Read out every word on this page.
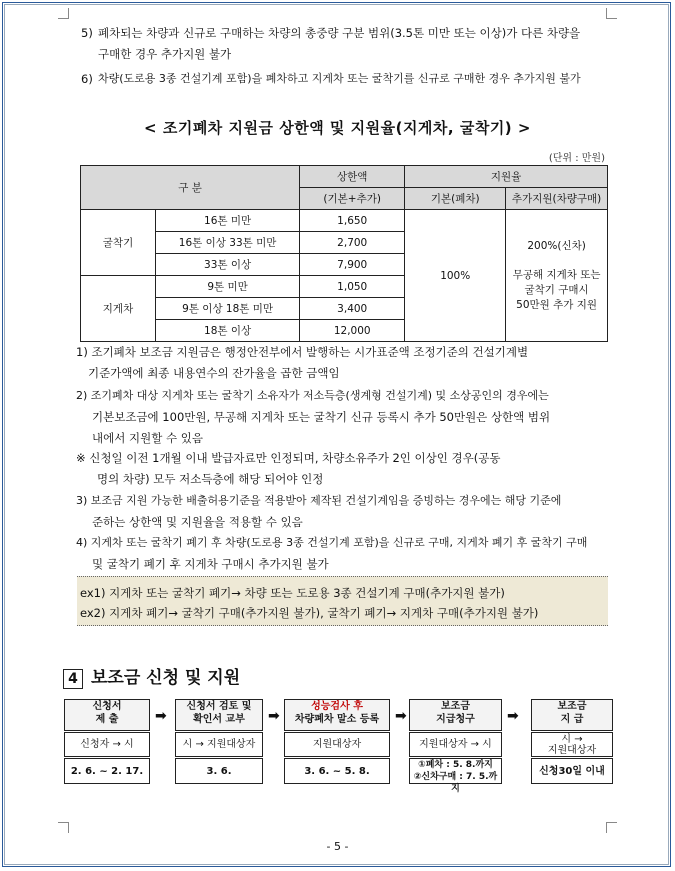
5) 폐차되는 차량과 신규로 구매하는 차량의 총중량 구분 범위(3.5톤 미만 또는 이상)가 다른 차량을
구매한 경우 추가지원 불가
6) 차량(도로용 3종 건설기계 포함)을 폐차하고 지게차 또는 굴착기를 신규로 구매한 경우 추가지원 불가
< 조기폐차 지원금 상한액 및 지원율(지게차, 굴착기) >
(단위 : 만원)
구 분		상한액	지원율	
		(기본+추가)	기본(폐차)	추가지원(차량구매)
굴착기	16톤 미만	1,650	100%	200%(신차)
무공해 지게차 또는
굴착기 구매시
50만원 추가 지원

	16톤 이상 33톤 미만	2,700		
	33톤 이상	7,900		
지게차	9톤 미만	1,050		
	9톤 이상 18톤 미만	3,400		
	18톤 이상	12,000		
1) 조기폐차 보조금 지원금은 행정안전부에서 발행하는 시가표준액 조정기준의 건설기계별
기준가액에 최종 내용연수의 잔가율을 곱한 금액임
2) 조기폐차 대상 지게차 또는 굴착기 소유자가 저소득층(생계형 건설기계) 및 소상공인의 경우에는
기본보조금에 100만원, 무공해 지게차 또는 굴착기 신규 등록시 추가 50만원은 상한액 범위
내에서 지원할 수 있음
※ 신청일 이전 1개월 이내 발급자료만 인정되며, 차량소유주가 2인 이상인 경우(공동
명의 차량) 모두 저소득층에 해당 되어야 인정
3) 보조금 지원 가능한 배출허용기준을 적용받아 제작된 건설기계임을 증빙하는 경우에는 해당 기준에
준하는 상한액 및 지원율을 적용할 수 있음
4) 지게차 또는 굴착기 폐기 후 차량(도로용 3종 건설기계 포함)을 신규로 구매, 지게차 폐기 후 굴착기 구매
및 굴착기 폐기 후 지게차 구매시 추가지원 불가
ex1) 지게차 또는 굴착기 폐기→ 차량 또는 도로용 3종 건설기계 구매(추가지원 불가)
ex2) 지게차 폐기→ 굴착기 구매(추가지원 불가), 굴착기 폐기→ 지게차 구매(추가지원 불가)
4 보조금 신청 및 지원
신청서
제 출
신청자 → 시
2. 6. ~ 2. 17.
➡
신청서 검토 및
확인서 교부
시 → 지원대상자
3. 6.
➡
성능검사 후
차량폐차 말소 등록
지원대상자
3. 6. ~ 5. 8.
➡
보조금
지급청구
지원대상자 → 시
①폐차 : 5. 8.까지
②신차구매 : 7. 5.까지
➡
보조금
지 급
시 →
지원대상자
신청30일 이내
- 5 -
